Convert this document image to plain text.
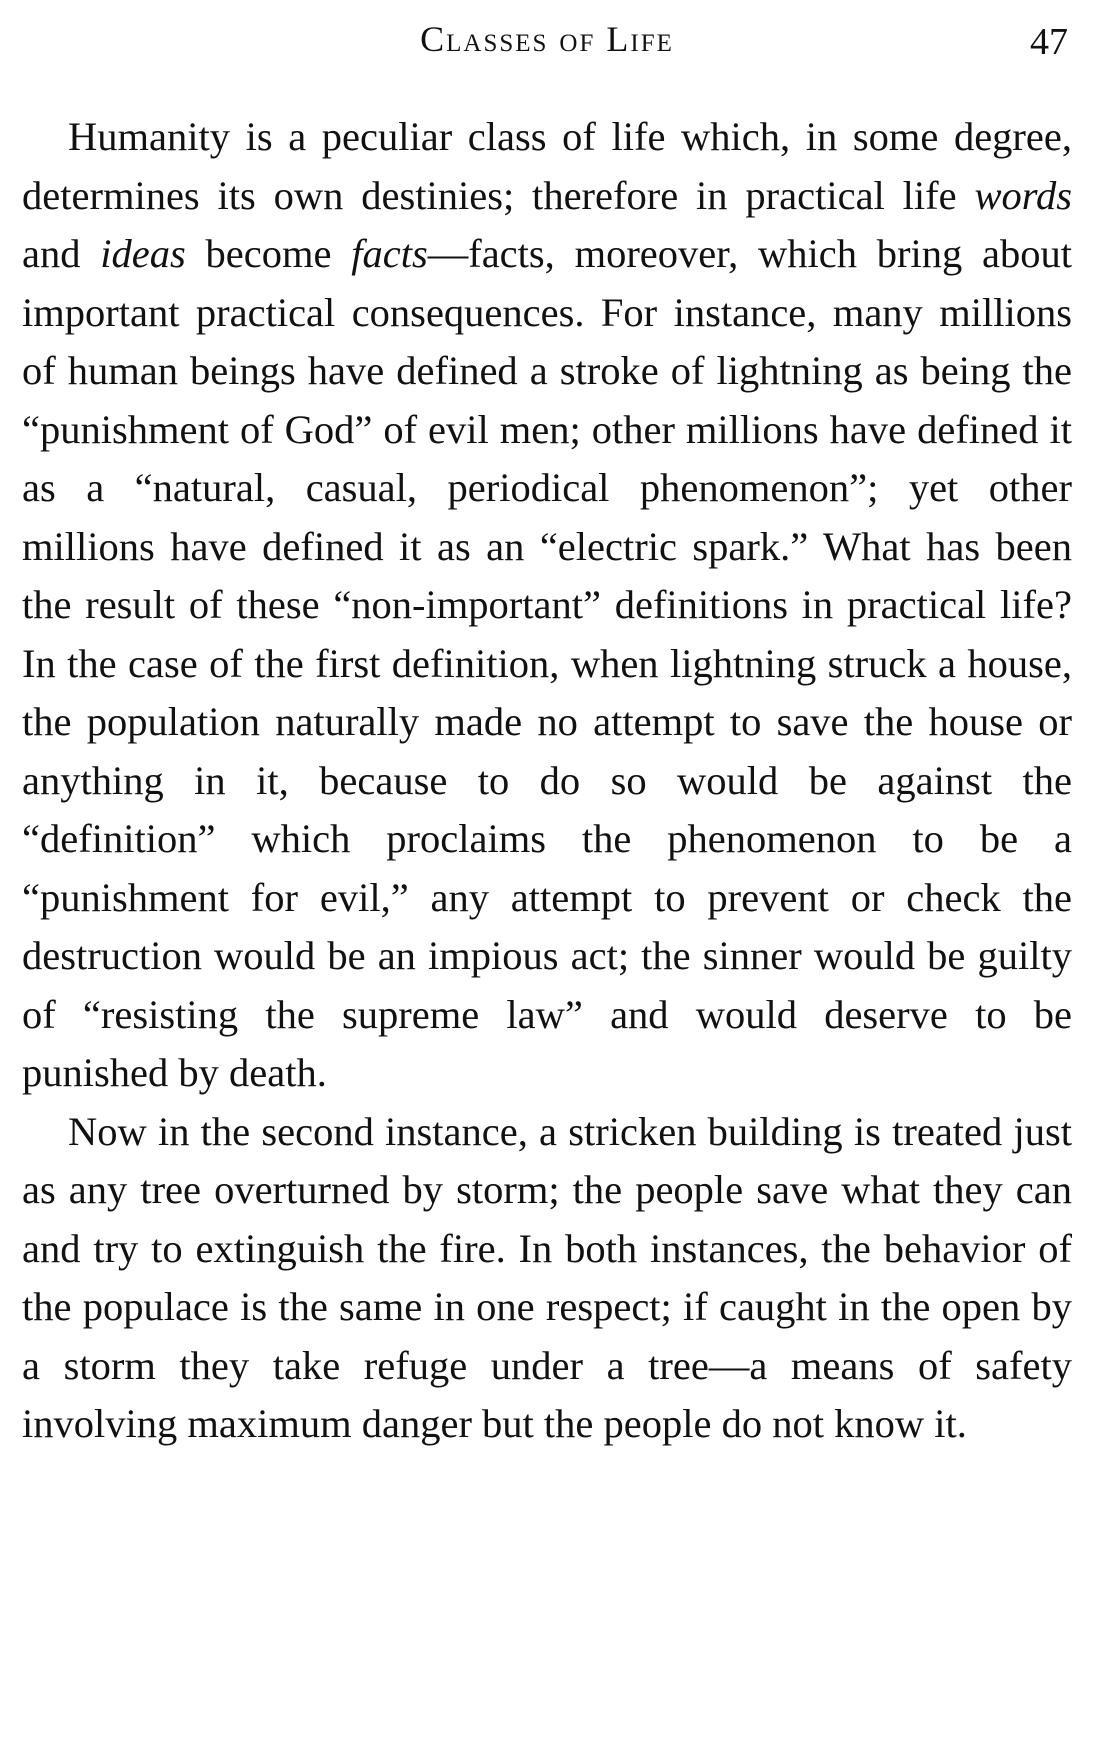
Classes of Life	47

Humanity is a peculiar class of life which, in some degree, determines its own destinies; therefore in practical life words and ideas become facts—facts, moreover, which bring about important practical consequences. For instance, many millions of human beings have defined a stroke of lightning as being the “punishment of God” of evil men; other millions have defined it as a “natural, casual, periodical phenomenon”; yet other millions have defined it as an “electric spark.” What has been the result of these “non-important” definitions in practical life? In the case of the first definition, when lightning struck a house, the population naturally made no attempt to save the house or anything in it, because to do so would be against the “definition” which proclaims the phenomenon to be a “punishment for evil,” any attempt to prevent or check the destruction would be an impious act; the sinner would be guilty of “resisting the supreme law” and would deserve to be punished by death.

Now in the second instance, a stricken building is treated just as any tree overturned by storm; the people save what they can and try to extinguish the fire. In both instances, the behavior of the populace is the same in one respect; if caught in the open by a storm they take refuge under a tree—a means of safety involving maximum danger but the people do not know it.
